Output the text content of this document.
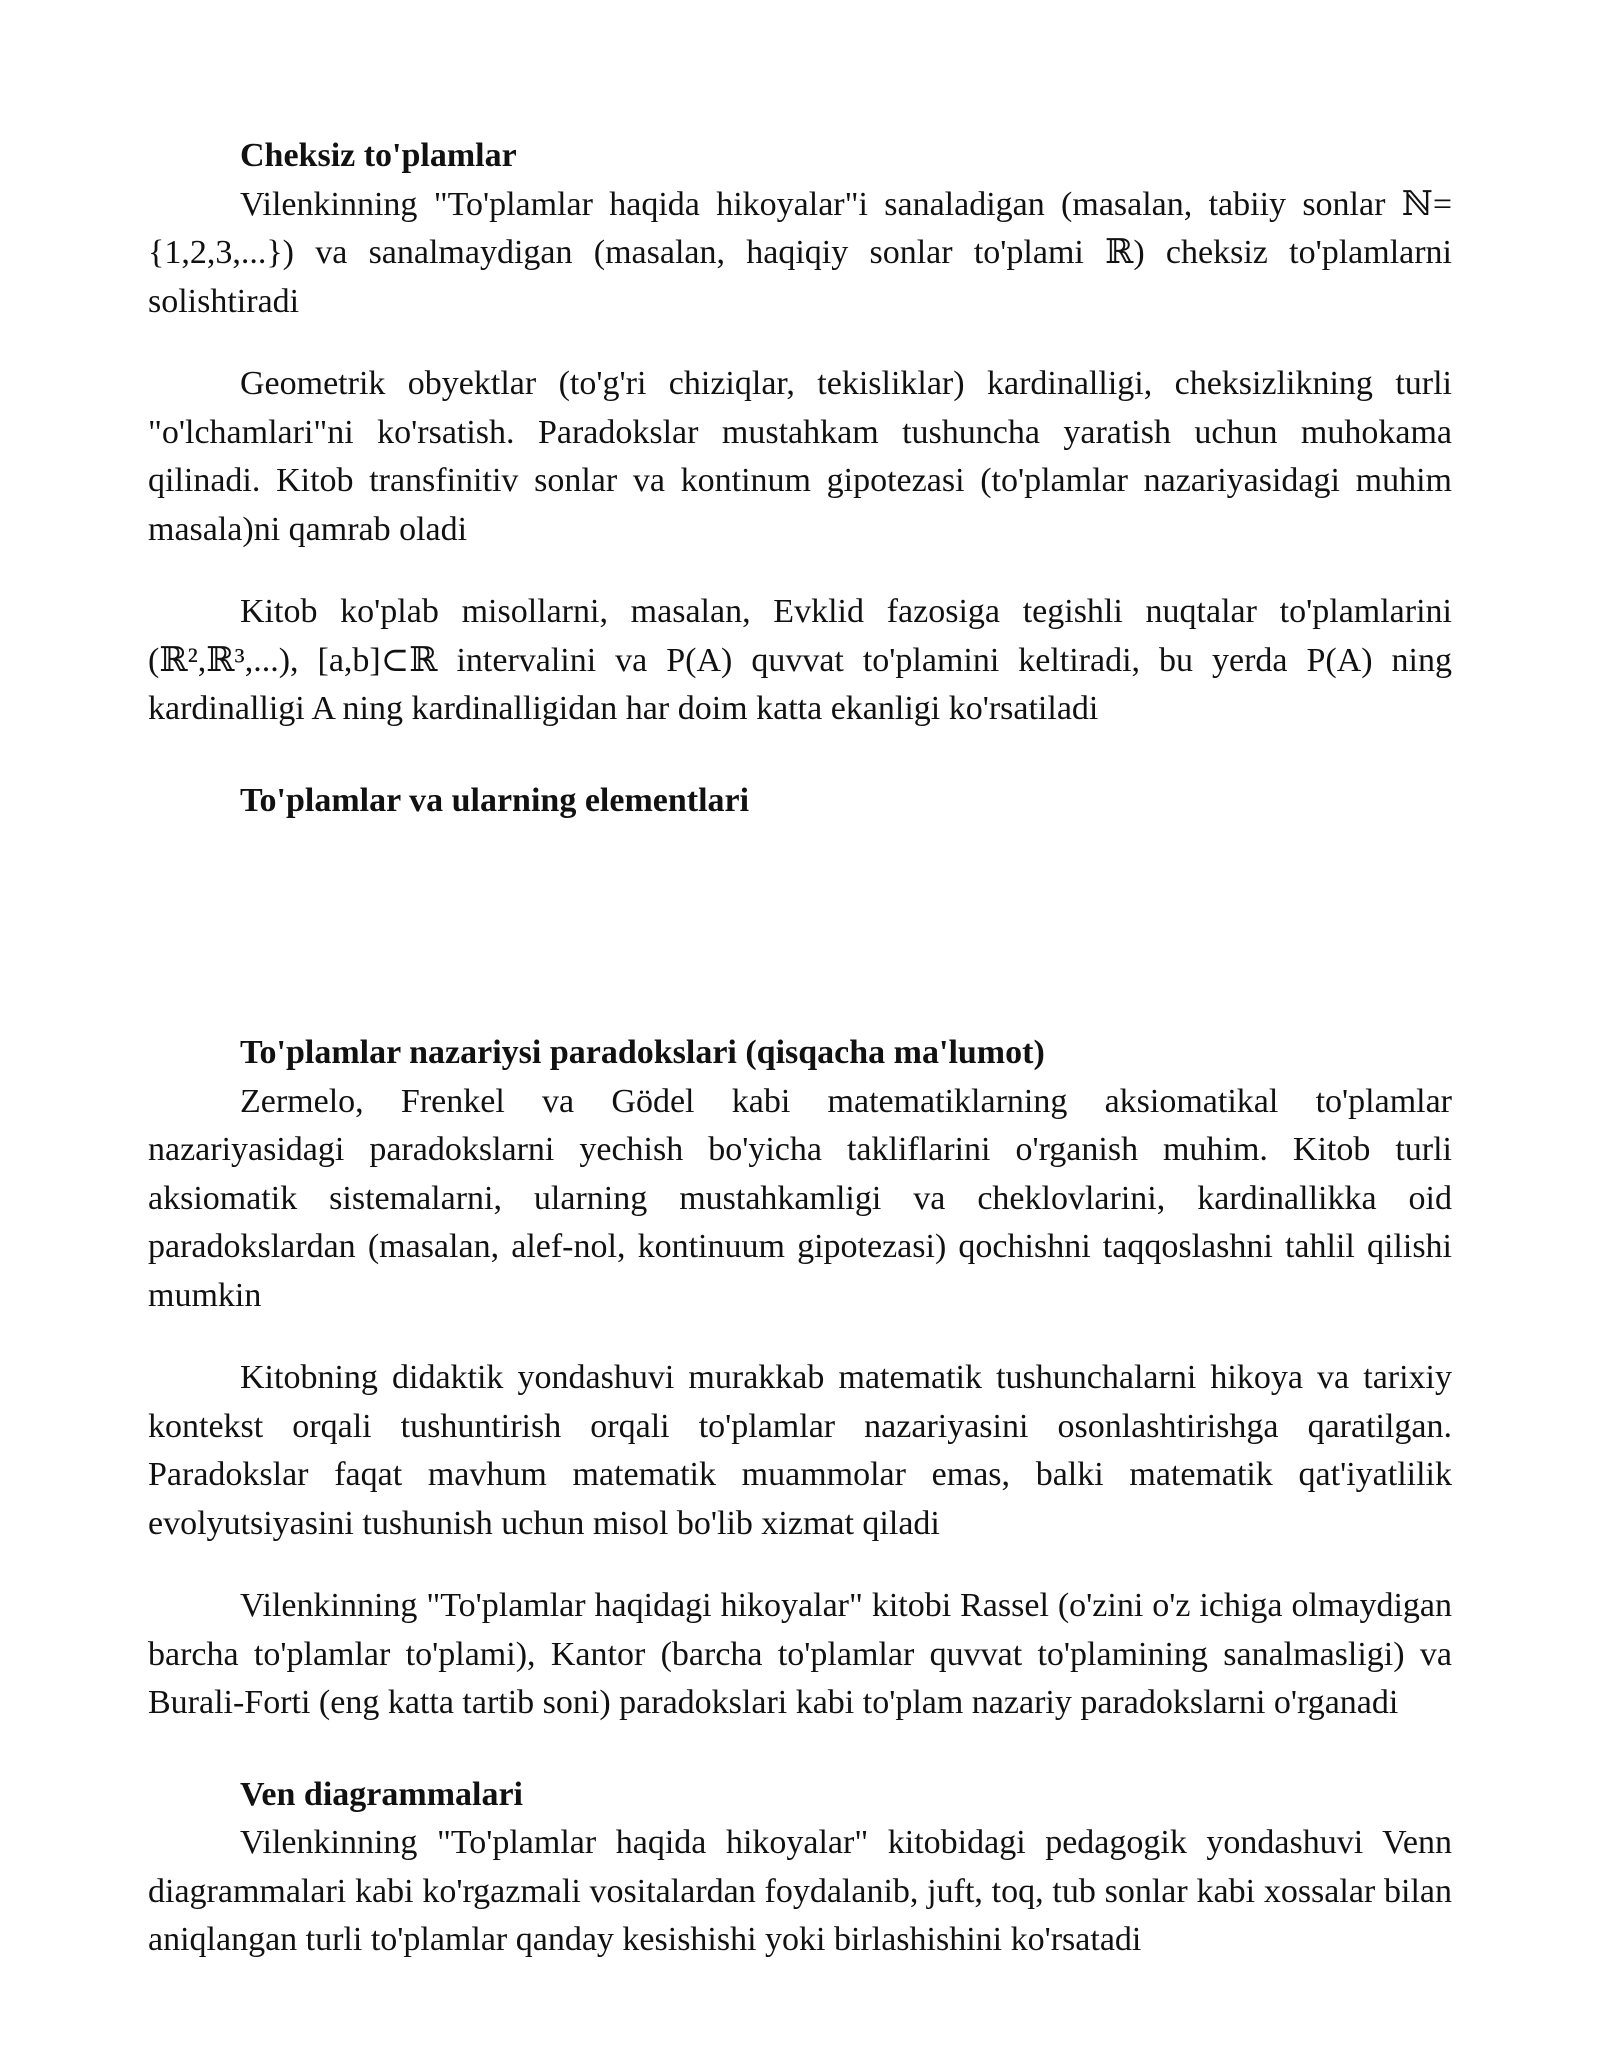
Cheksiz to'plamlar

Vilenkinning "To'plamlar haqida hikoyalar"i sanaladigan (masalan, tabiiy sonlar ℕ={1,2,3,...}) va sanalmaydigan (masalan, haqiqiy sonlar to'plami ℝ) cheksiz to'plamlarni solishtiradi

Geometrik obyektlar (to'g'ri chiziqlar, tekisliklar) kardinalligi, cheksizlikning turli "o'lchamlari"ni ko'rsatish. Paradokslar mustahkam tushuncha yaratish uchun muhokama qilinadi. Kitob transfinitiv sonlar va kontinum gipotezasi (to'plamlar nazariyasidagi muhim masala)ni qamrab oladi

Kitob ko'plab misollarni, masalan, Evklid fazosiga tegishli nuqtalar to'plamlarini (ℝ²,ℝ³,...), [a,b]⊂ℝ intervalini va P(A) quvvat to'plamini keltiradi, bu yerda P(A) ning kardinalligi A ning kardinalligidan har doim katta ekanligi ko'rsatiladi

To'plamlar va ularning elementlari

To'plamlar nazariysi paradokslari (qisqacha ma'lumot)

Zermelo, Frenkel va Gödel kabi matematiklarning aksiomatikal to'plamlar nazariyasidagi paradokslarni yechish bo'yicha takliflarini o'rganish muhim. Kitob turli aksiomatik sistemalarni, ularning mustahkamligi va cheklovlarini, kardinallikka oid paradokslardan (masalan, alef-nol, kontinuum gipotezasi) qochishni taqqoslashni tahlil qilishi mumkin

Kitobning didaktik yondashuvi murakkab matematik tushunchalarni hikoya va tarixiy kontekst orqali tushuntirish orqali to'plamlar nazariyasini osonlashtirishga qaratilgan. Paradokslar faqat mavhum matematik muammolar emas, balki matematik qat'iyatlilik evolyutsiyasini tushunish uchun misol bo'lib xizmat qiladi

Vilenkinning "To'plamlar haqidagi hikoyalar" kitobi Rassel (o'zini o'z ichiga olmaydigan barcha to'plamlar to'plami), Kantor (barcha to'plamlar quvvat to'plamining sanalmasligi) va Burali-Forti (eng katta tartib soni) paradokslari kabi to'plam nazariy paradokslarni o'rganadi

Ven diagrammalari

Vilenkinning "To'plamlar haqida hikoyalar" kitobidagi pedagogik yondashuvi Venn diagrammalari kabi ko'rgazmali vositalardan foydalanib, juft, toq, tub sonlar kabi xossalar bilan aniqlangan turli to'plamlar qanday kesishishi yoki birlashishini ko'rsatadi
